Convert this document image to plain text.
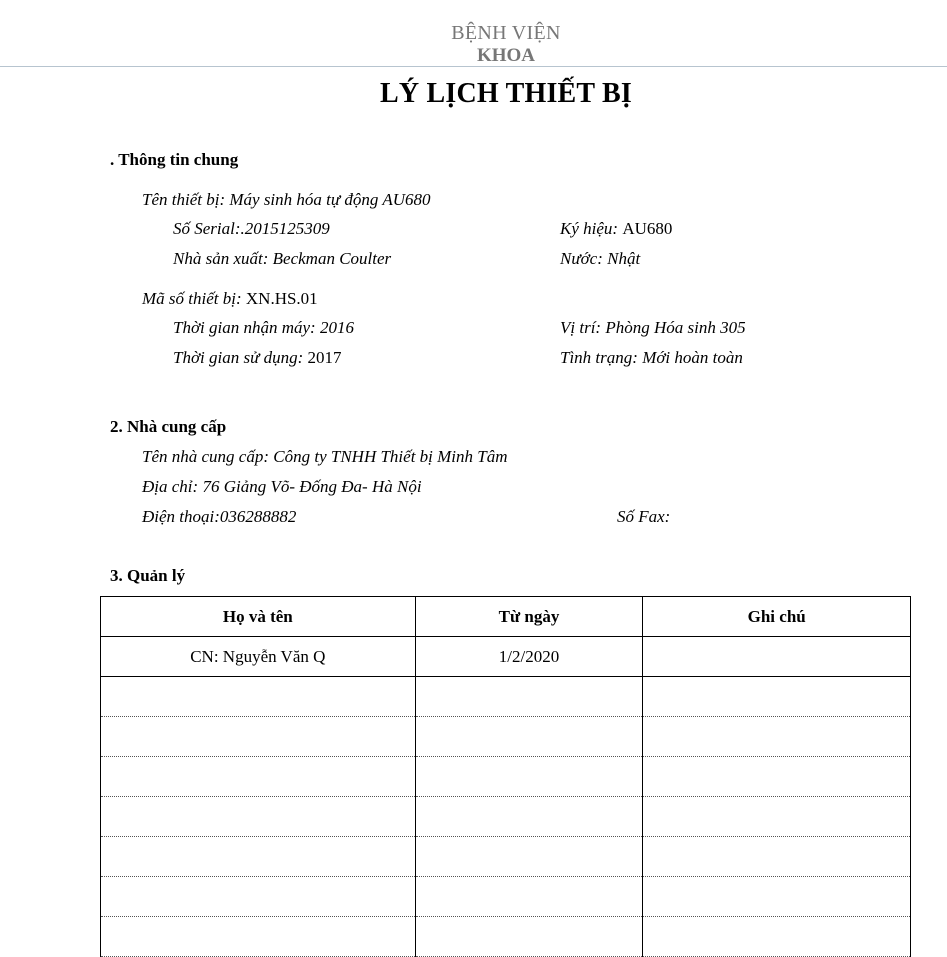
BỆNH VIỆN
KHOA
LÝ LỊCH THIẾT BỊ
. Thông tin chung
Tên thiết bị: Máy sinh hóa tự động AU680
Số Serial:.2015125309	Ký hiệu: AU680
Nhà sản xuất: Beckman Coulter	Nước: Nhật
Mã số thiết bị: XN.HS.01
Thời gian nhận máy: 2016	Vị trí: Phòng Hóa sinh 305
Thời gian sử dụng: 2017	Tình trạng: Mới hoàn toàn
2. Nhà cung cấp
Tên nhà cung cấp: Công ty TNHH Thiết bị Minh Tâm
Địa chỉ: 76 Giảng Võ- Đống Đa- Hà Nội
Điện thoại:036288882	Số Fax:
3. Quản lý
Họ và tên	Từ ngày	Ghi chú
CN: Nguyễn Văn Q	1/2/2020	
